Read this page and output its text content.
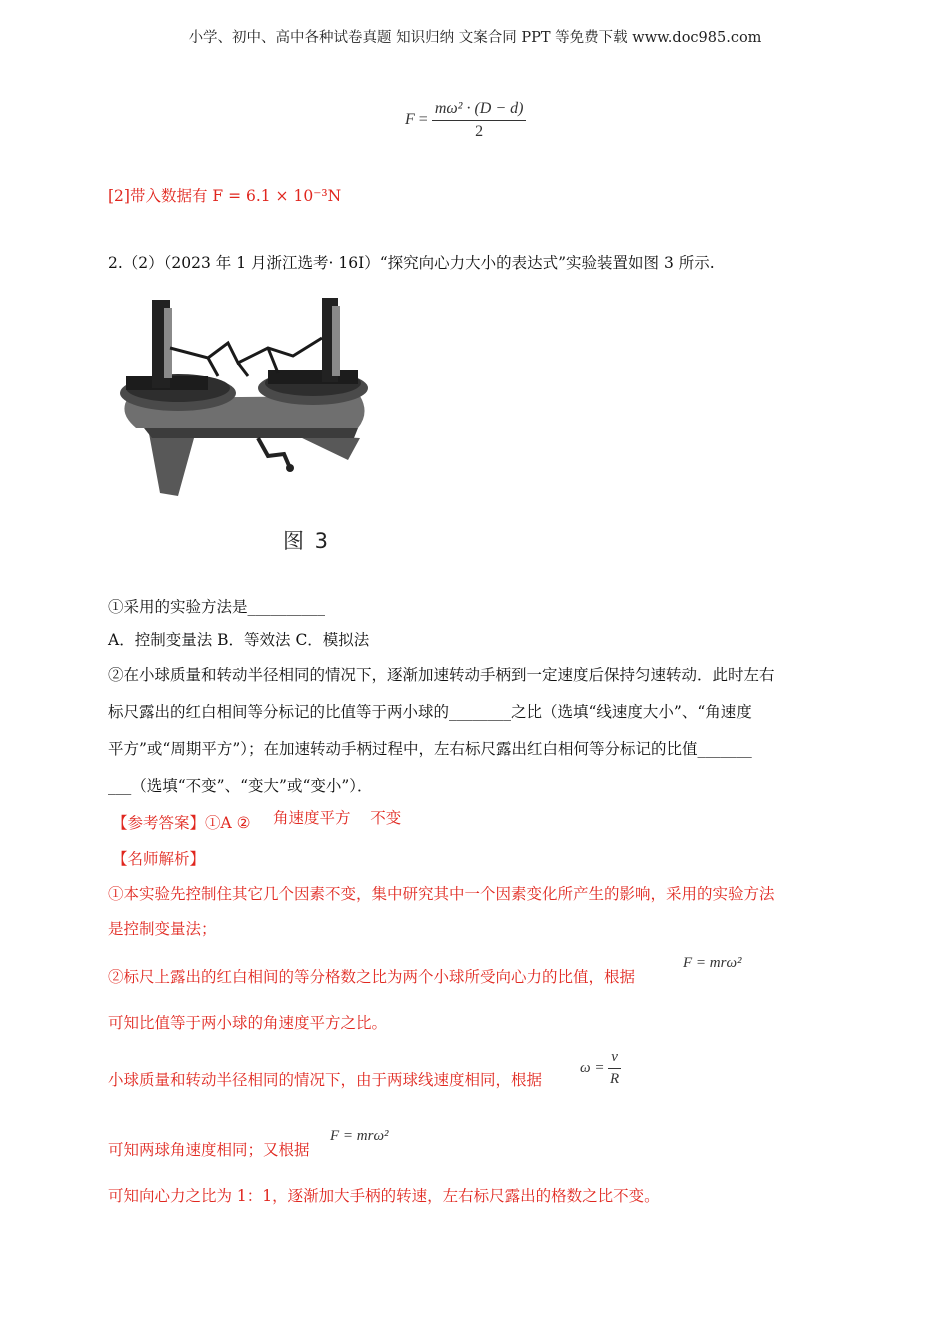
小学、初中、高中各种试卷真题 知识归纳 文案合同 PPT 等免费下载 www.doc985.com
$F = \frac{\text{mω² · (D − d)}}{2}$
[2]带入数据有 F = 6.1 × 10⁻³N
2.（2）（2023 年 1 月浙江选考· 16I）“探究向心力大小的表达式”实验装置如图 3 所示.
图 3
①采用的实验方法是__________
A．控制变量法 B．等效法 C．模拟法
②在小球质量和转动半径相同的情况下，逐渐加速转动手柄到一定速度后保持匀速转动．此时左右
标尺露出的红白相间等分标记的比值等于两小球的________之比（选填“线速度大小”、“角速度
平方”或“周期平方”）；在加速转动手柄过程中，左右标尺露出红白相何等分标记的比值_______
___（选填“不变”、“变大”或“变小”）．
【参考答案】①A ② 角速度平方    不变
【名师解析】
①本实验先控制住其它几个因素不变，集中研究其中一个因素变化所产生的影响，采用的实验方法
是控制变量法；
②标尺上露出的红白相间的等分格数之比为两个小球所受向心力的比值，根据
F = mrω²
可知比值等于两小球的角速度平方之比。
小球质量和转动半径相同的情况下，由于两球线速度相同，根据
$\omega = \frac{v}{R}$
可知两球角速度相同；又根据
F = mrω²
可知向心力之比为 1：1，逐渐加大手柄的转速，左右标尺露出的格数之比不变。
